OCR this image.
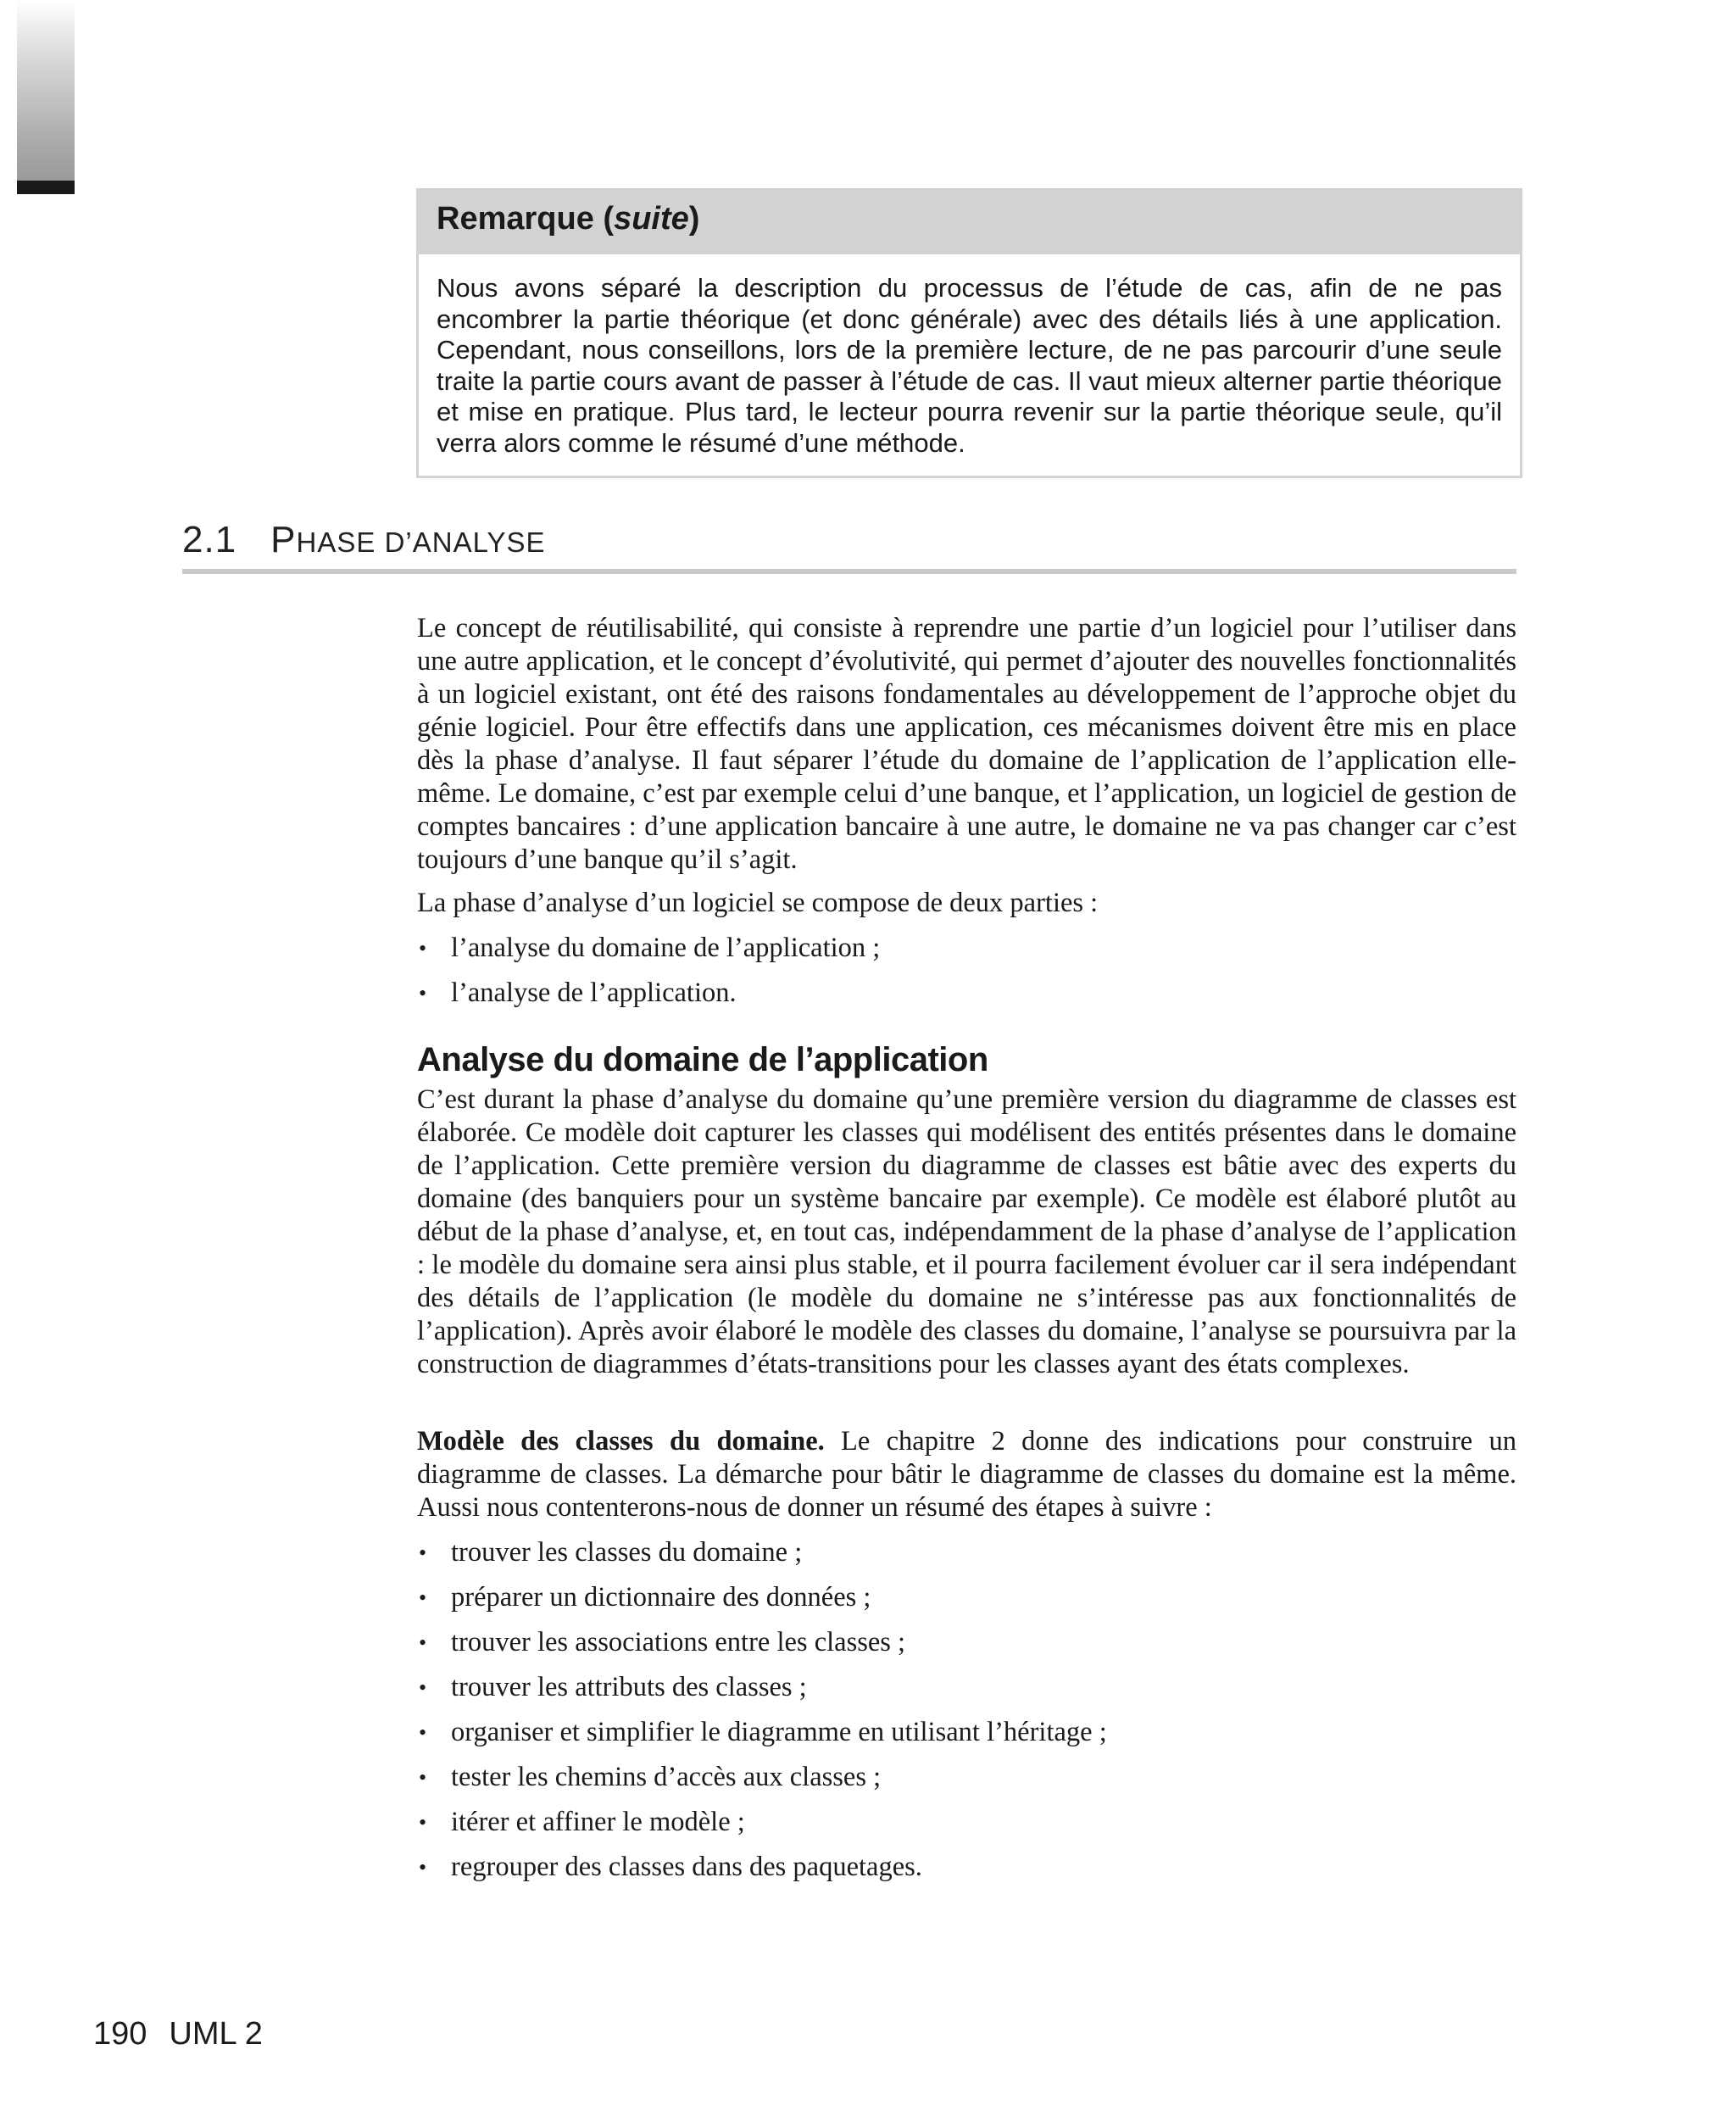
Remarque (suite)
Nous avons séparé la description du processus de l’étude de cas, afin de ne pas encombrer la partie théorique (et donc générale) avec des détails liés à une application. Cependant, nous conseillons, lors de la première lecture, de ne pas parcourir d’une seule traite la partie cours avant de passer à l’étude de cas. Il vaut mieux alterner partie théorique et mise en pratique. Plus tard, le lecteur pourra revenir sur la partie théorique seule, qu’il verra alors comme le résumé d’une méthode.
2.1 PHASE D’ANALYSE

Le concept de réutilisabilité, qui consiste à reprendre une partie d’un logiciel pour l’utiliser dans une autre application, et le concept d’évolutivité, qui permet d’ajouter des nouvelles fonctionnalités à un logiciel existant, ont été des raisons fondamentales au développement de l’approche objet du génie logiciel. Pour être effectifs dans une application, ces mécanismes doivent être mis en place dès la phase d’analyse. Il faut séparer l’étude du domaine de l’application de l’application elle-même. Le domaine, c’est par exemple celui d’une banque, et l’application, un logiciel de gestion de comptes bancaires : d’une application bancaire à une autre, le domaine ne va pas changer car c’est toujours d’une banque qu’il s’agit.

La phase d’analyse d’un logiciel se compose de deux parties :

• l’analyse du domaine de l’application ;
• l’analyse de l’application.
Analyse du domaine de l’application

C’est durant la phase d’analyse du domaine qu’une première version du diagramme de classes est élaborée. Ce modèle doit capturer les classes qui modélisent des entités présentes dans le domaine de l’application. Cette première version du diagramme de classes est bâtie avec des experts du domaine (des banquiers pour un système bancaire par exemple). Ce modèle est élaboré plutôt au début de la phase d’analyse, et, en tout cas, indépendamment de la phase d’analyse de l’application : le modèle du domaine sera ainsi plus stable, et il pourra facilement évoluer car il sera indépendant des détails de l’application (le modèle du domaine ne s’intéresse pas aux fonctionnalités de l’application). Après avoir élaboré le modèle des classes du domaine, l’analyse se poursuivra par la construction de diagrammes d’états-transitions pour les classes ayant des états complexes.

Modèle des classes du domaine. Le chapitre 2 donne des indications pour construire un diagramme de classes. La démarche pour bâtir le diagramme de classes du domaine est la même. Aussi nous contenterons-nous de donner un résumé des étapes à suivre :

• trouver les classes du domaine ;
• préparer un dictionnaire des données ;
• trouver les associations entre les classes ;
• trouver les attributs des classes ;
• organiser et simplifier le diagramme en utilisant l’héritage ;
• tester les chemins d’accès aux classes ;
• itérer et affiner le modèle ;
• regrouper des classes dans des paquetages.
190 UML 2
